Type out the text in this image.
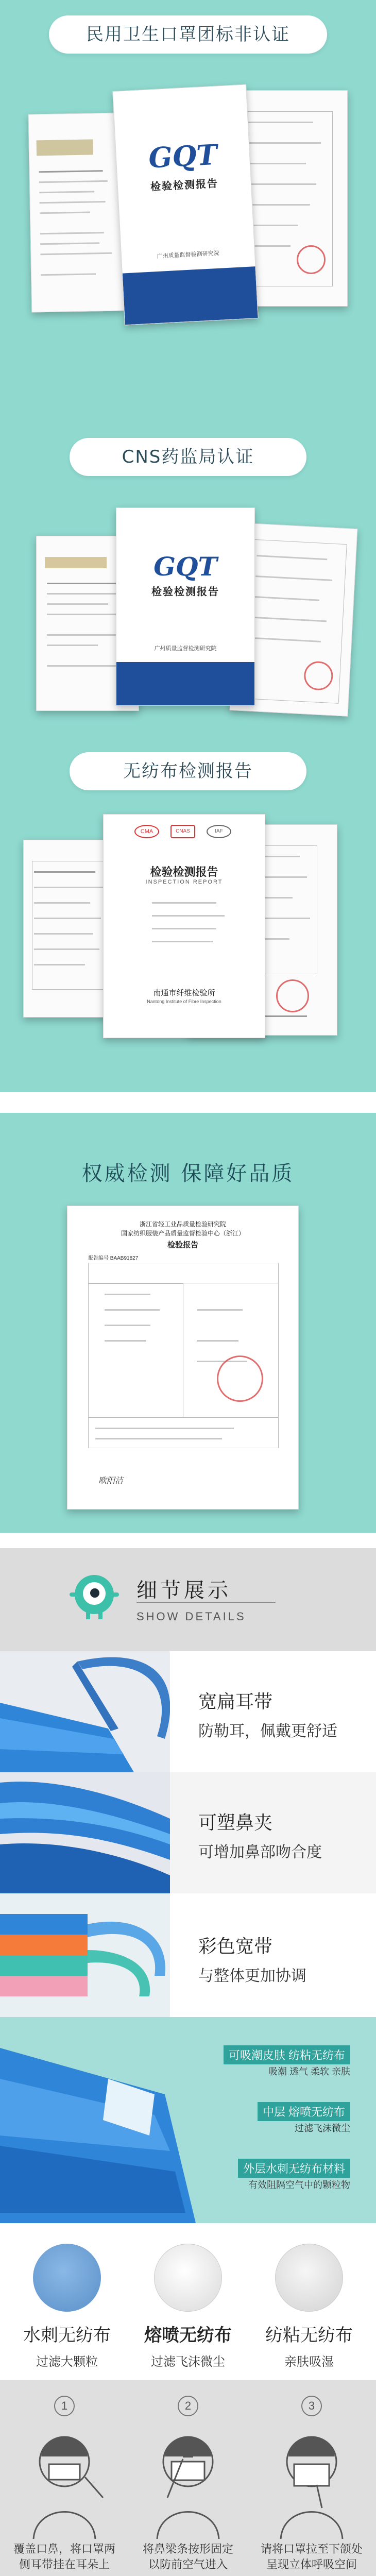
民用卫生口罩团标非认证
GQT
检验检测报告
广州质量监督检测研究院
CNS药监局认证
GQT
检验检测报告
广州质量监督检测研究院
无纺布检测报告
CMA	CNAS	IAF
检验检测报告
INSPECTION REPORT
南通市纤维检验所
Nantong Institute of Fibre Inspection
权威检测 保障好品质
浙江省轻工业品质量检验研究院
国家纺织服装产品质量监督检验中心（浙江）
检验报告
报告编号 BAAB91827
欧阳洁
细节展示
SHOW DETAILS
宽扁耳带
防勒耳，佩戴更舒适
可塑鼻夹
可增加鼻部吻合度
彩色宽带
与整体更加协调
可吸潮皮肤 纺粘无纺布
吸潮 透气 柔软 亲肤
中层 熔喷无纺布
过滤飞沫微尘
外层水刺无纺布材料
有效阻隔空气中的颗粒物
水刺无纺布
过滤大颗粒
熔喷无纺布
过滤飞沫微尘
纺粘无纺布
亲肤吸湿
1
覆盖口鼻，将口罩两
侧耳带挂在耳朵上
2
将鼻梁条按形固定
以防前空气进入
3
请将口罩拉至下颌处
呈现立体呼吸空间
